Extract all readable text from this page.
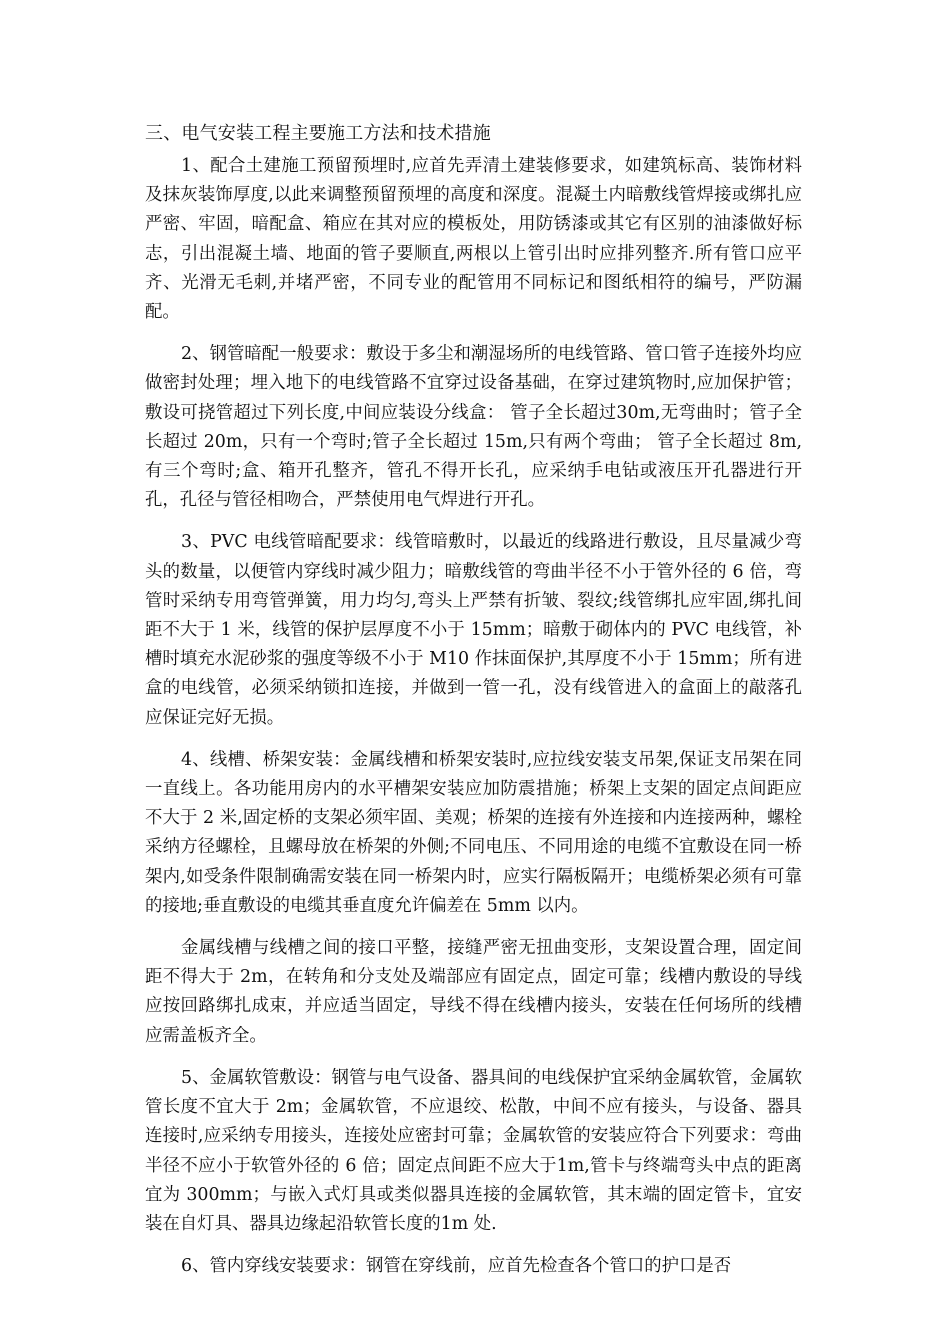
三、电气安装工程主要施工方法和技术措施

1、配合土建施工预留预埋时,应首先弄清土建装修要求，如建筑标高、装饰材料及抹灰装饰厚度,以此来调整预留预埋的高度和深度。混凝土内暗敷线管焊接或绑扎应严密、牢固，暗配盒、箱应在其对应的模板处，用防锈漆或其它有区别的油漆做好标志，引出混凝土墙、地面的管子要顺直,两根以上管引出时应排列整齐.所有管口应平齐、光滑无毛刺,并堵严密，不同专业的配管用不同标记和图纸相符的编号，严防漏配。

2、钢管暗配一般要求：敷设于多尘和潮湿场所的电线管路、管口管子连接外均应做密封处理；埋入地下的电线管路不宜穿过设备基础，在穿过建筑物时,应加保护管；敷设可挠管超过下列长度,中间应装设分线盒： 管子全长超过30m,无弯曲时；管子全长超过 20m，只有一个弯时;管子全长超过 15m,只有两个弯曲； 管子全长超过 8m,有三个弯时;盒、箱开孔整齐，管孔不得开长孔，应采纳手电钻或液压开孔器进行开孔，孔径与管径相吻合，严禁使用电气焊进行开孔。

3、PVC 电线管暗配要求：线管暗敷时，以最近的线路进行敷设，且尽量减少弯头的数量，以便管内穿线时减少阻力；暗敷线管的弯曲半径不小于管外径的 6 倍，弯管时采纳专用弯管弹簧，用力均匀,弯头上严禁有折皱、裂纹;线管绑扎应牢固,绑扎间距不大于 1 米，线管的保护层厚度不小于 15mm；暗敷于砌体内的 PVC 电线管，补槽时填充水泥砂浆的强度等级不小于 M10 作抹面保护,其厚度不小于 15mm；所有进盒的电线管，必须采纳锁扣连接，并做到一管一孔，没有线管进入的盒面上的敲落孔应保证完好无损。

4、线槽、桥架安装：金属线槽和桥架安装时,应拉线安装支吊架,保证支吊架在同一直线上。各功能用房内的水平槽架安装应加防震措施；桥架上支架的固定点间距应不大于 2 米,固定桥的支架必须牢固、美观；桥架的连接有外连接和内连接两种，螺栓采纳方径螺栓，且螺母放在桥架的外侧;不同电压、不同用途的电缆不宜敷设在同一桥架内,如受条件限制确需安装在同一桥架内时，应实行隔板隔开；电缆桥架必须有可靠的接地;垂直敷设的电缆其垂直度允许偏差在 5mm 以内。

金属线槽与线槽之间的接口平整，接缝严密无扭曲变形，支架设置合理，固定间距不得大于 2m，在转角和分支处及端部应有固定点，固定可靠；线槽内敷设的导线应按回路绑扎成束，并应适当固定，导线不得在线槽内接头，安装在任何场所的线槽应需盖板齐全。

5、金属软管敷设：钢管与电气设备、器具间的电线保护宜采纳金属软管，金属软管长度不宜大于 2m；金属软管，不应退绞、松散，中间不应有接头，与设备、器具连接时,应采纳专用接头，连接处应密封可靠；金属软管的安装应符合下列要求：弯曲半径不应小于软管外径的 6 倍；固定点间距不应大于1m,管卡与终端弯头中点的距离宜为 300mm；与嵌入式灯具或类似器具连接的金属软管，其末端的固定管卡，宜安装在自灯具、器具边缘起沿软管长度的1m 处.

6、管内穿线安装要求：钢管在穿线前，应首先检查各个管口的护口是否
